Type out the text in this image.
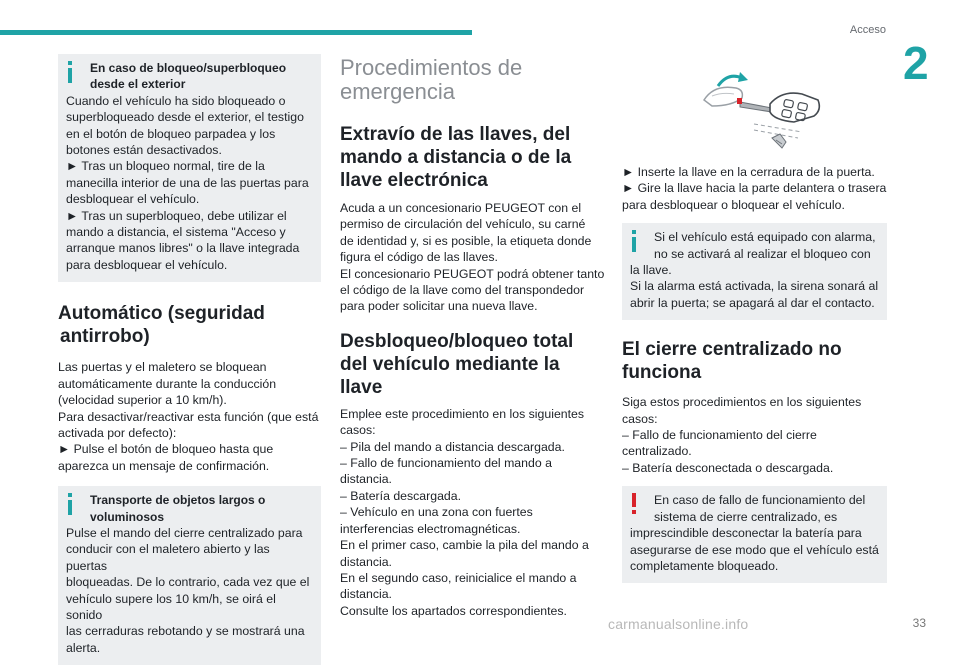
Acceso
2

En caso de bloqueo/superbloqueo

desde el exterior

Cuando el vehículo ha sido bloqueado o

superbloqueado desde el exterior, el testigo

en el botón de bloqueo parpadea y los

botones están desactivados.

► Tras un bloqueo normal, tire de la

manecilla interior de una de las puertas para

desbloquear el vehículo.

► Tras un superbloqueo, debe utilizar el

mando a distancia, el sistema "Acceso y

arranque manos libres" o la llave integrada

para desbloquear el vehículo.

Automático (seguridad
antirrobo)

Las puertas y el maletero se bloquean

automáticamente durante la conducción

(velocidad superior a 10 km/h).

Para desactivar/reactivar esta función (que está

activada por defecto):

► Pulse el botón de bloqueo hasta que

aparezca un mensaje de confirmación.

Transporte de objetos largos o

voluminosos

Pulse el mando del cierre centralizado para

conducir con el maletero abierto y las puertas

bloqueadas. De lo contrario, cada vez que el

vehículo supere los 10 km/h, se oirá el sonido

las cerraduras rebotando y se mostrará una

alerta.

Procedimientos de
emergencia
Extravío de las llaves, del
mando a distancia o de la
llave electrónica

Acuda a un concesionario PEUGEOT con el

permiso de circulación del vehículo, su carné

de identidad y, si es posible, la etiqueta donde

figura el código de las llaves.

El concesionario PEUGEOT podrá obtener tanto

el código de la llave como del transpondedor

para poder solicitar una nueva llave.

Desbloqueo/bloqueo total
del vehículo mediante la
llave

Emplee este procedimiento en los siguientes

casos:

– Pila del mando a distancia descargada.

– Fallo de funcionamiento del mando a

distancia.

– Batería descargada.

– Vehículo en una zona con fuertes

interferencias electromagnéticas.

En el primer caso, cambie la pila del mando a

distancia.

En el segundo caso, reinicialice el mando a

distancia.

Consulte los apartados correspondientes.

► Inserte la llave en la cerradura de la puerta.

► Gire la llave hacia la parte delantera o trasera

para desbloquear o bloquear el vehículo.

Si el vehículo está equipado con alarma,

no se activará al realizar el bloqueo con

la llave.

Si la alarma está activada, la sirena sonará al

abrir la puerta; se apagará al dar el contacto.

El cierre centralizado no
funciona

Siga estos procedimientos en los siguientes

casos:

– Fallo de funcionamiento del cierre

centralizado.

– Batería desconectada o descargada.

En caso de fallo de funcionamiento del

sistema de cierre centralizado, es

imprescindible desconectar la batería para

asegurarse de ese modo que el vehículo está

completamente bloqueado.

carmanualsonline.info	33
